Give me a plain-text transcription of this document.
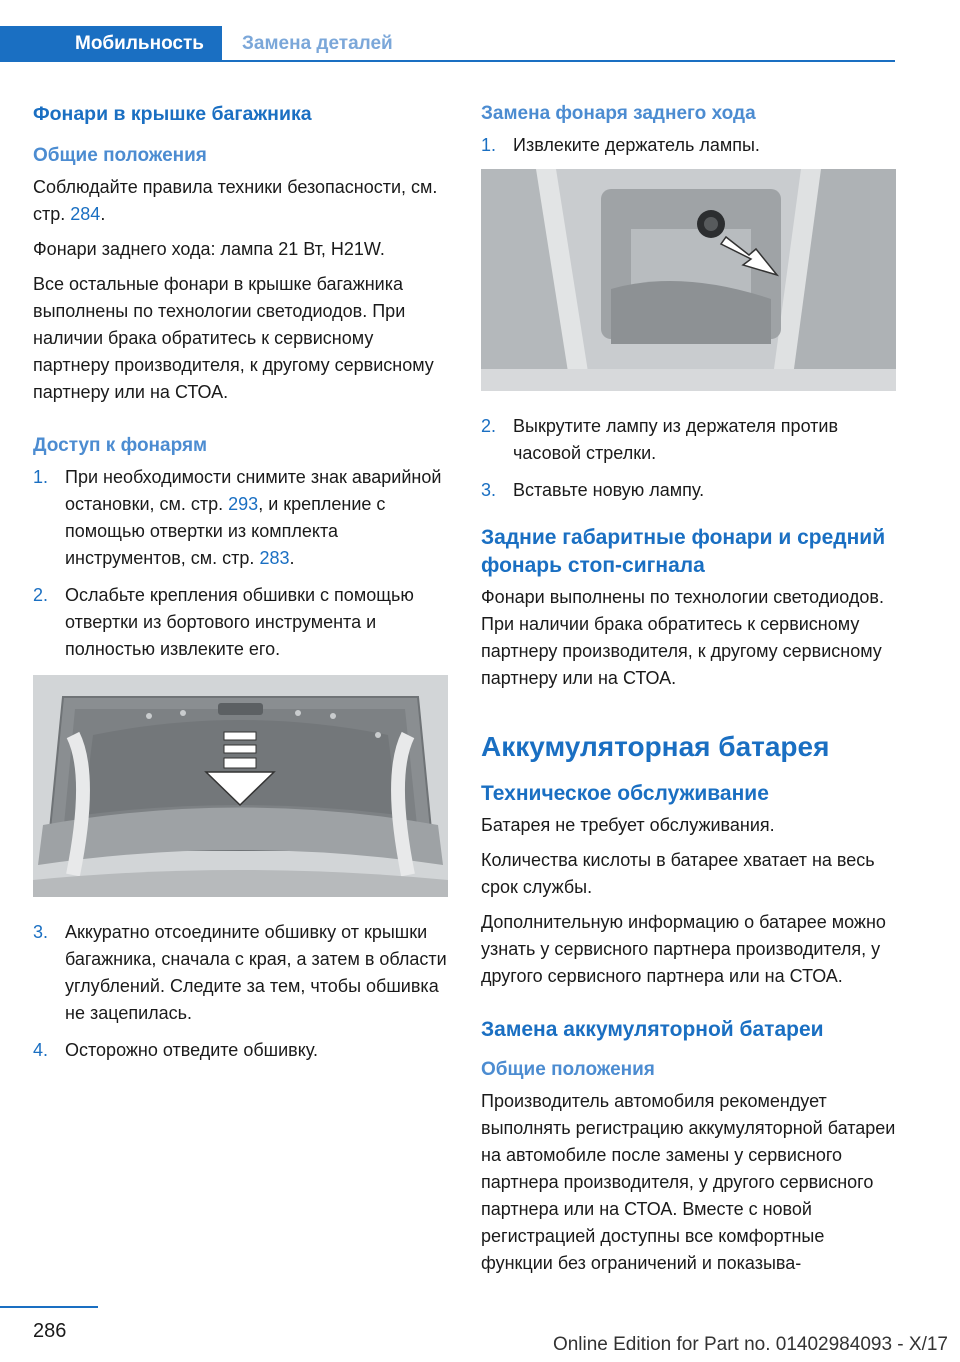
Мобильность	Замена деталей
Фонари в крышке багажника
Общие положения

Соблюдайте правила техники безопасности, см. стр. 284.

Фонари заднего хода: лампа 21 Вт, H21W.

Все остальные фонари в крышке багажника выполнены по технологии светодиодов. При наличии брака обратитесь к сервисному партнеру производителя, к другому сервисному партнеру или на СТОА.

Доступ к фонарям
1. При необходимости снимите знак аварийной остановки, см. стр. 293, и крепление с помощью отвертки из комплекта инструментов, см. стр. 283.
2. Ослабьте крепления обшивки с помощью отвертки из бортового инструмента и полностью извлеките его.
3. Аккуратно отсоедините обшивку от крышки багажника, сначала с края, а затем в области углублений. Следите за тем, чтобы обшивка не зацепилась.
4. Осторожно отведите обшивку.
Замена фонаря заднего хода
1. Извлеките держатель лампы.
2. Выкрутите лампу из держателя против часовой стрелки.
3. Вставьте новую лампу.
Задние габаритные фонари и средний фонарь стоп-сигнала

Фонари выполнены по технологии светодиодов. При наличии брака обратитесь к сервисному партнеру производителя, к другому сервисному партнеру или на СТОА.

Аккумуляторная батарея
Техническое обслуживание

Батарея не требует обслуживания.

Количества кислоты в батарее хватает на весь срок службы.

Дополнительную информацию о батарее можно узнать у сервисного партнера производителя, у другого сервисного партнера или на СТОА.

Замена аккумуляторной батареи
Общие положения

Производитель автомобиля рекомендует выполнять регистрацию аккумуляторной батареи на автомобиле после замены у сервисного партнера производителя, у другого сервисного партнера или на СТОА. Вместе с новой регистрацией доступны все комфортные функции без ограничений и показыва-

286
Online Edition for Part no. 01402984093 - X/17
